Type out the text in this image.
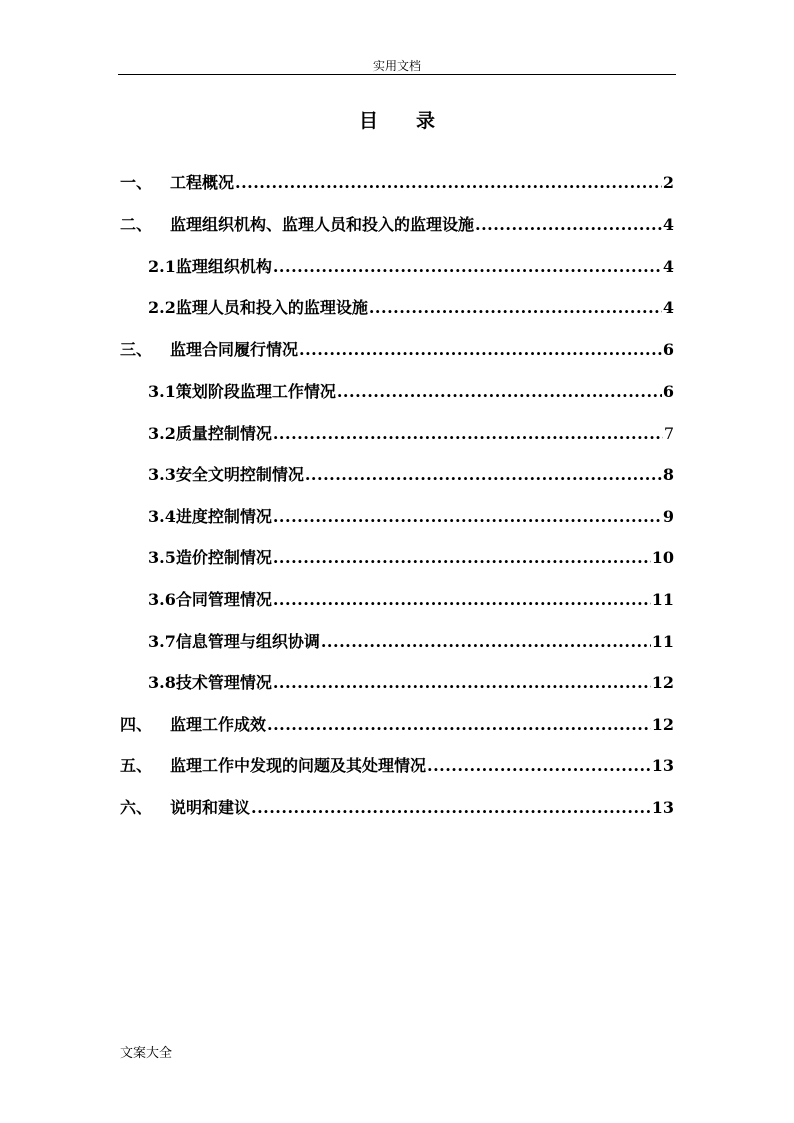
实用文档
目录
一、	工程概况 .....	2
二、	监理组织机构、监理人员和投入的监理设施 .....	4
2.1 监理组织机构 .....	4
2.2 监理人员和投入的监理设施 .....	4
三、	监理合同履行情况 .....	6
3.1 策划阶段监理工作情况 .....	6
3.2 质量控制情况 .....	7
3.3 安全文明控制情况 .....	8
3.4 进度控制情况 .....	9
3.5 造价控制情况 .....	10
3.6 合同管理情况 .....	11
3.7 信息管理与组织协调 .....	11
3.8 技术管理情况 .....	12
四、	监理工作成效 .....	12
五、	监理工作中发现的问题及其处理情况 .....	13
六、	说明和建议 .....	13
文案大全
